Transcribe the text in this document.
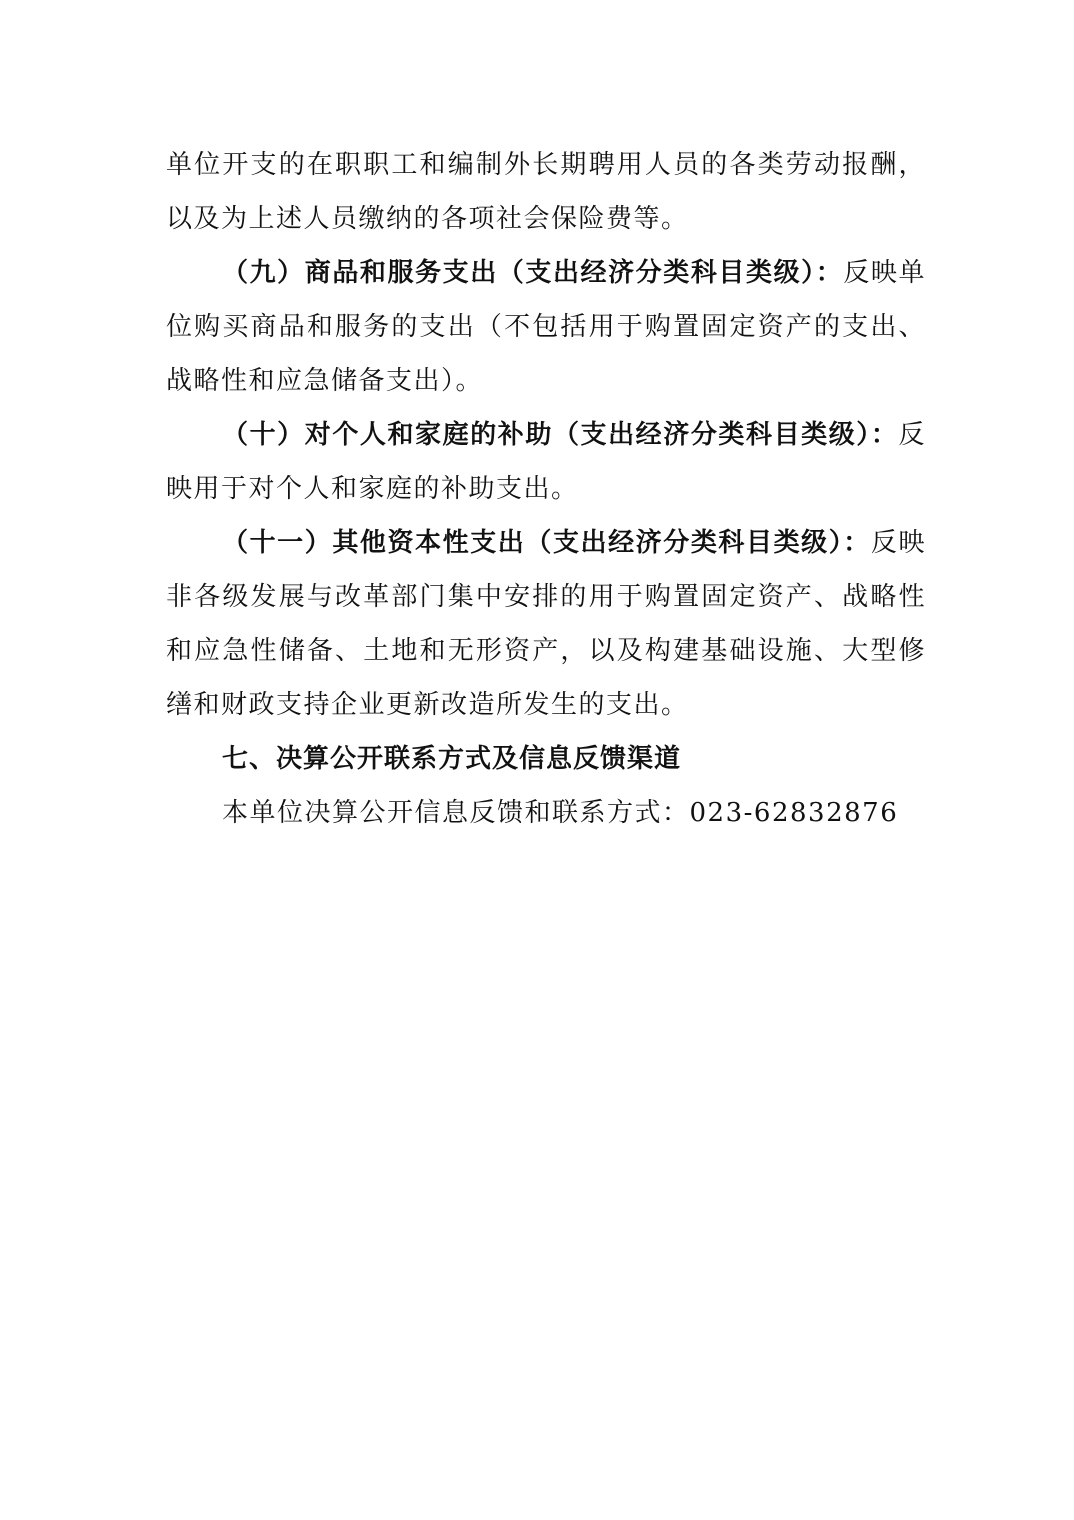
单位开支的在职职工和编制外长期聘用人员的各类劳动报酬，以及为上述人员缴纳的各项社会保险费等。

（九）商品和服务支出（支出经济分类科目类级）：反映单位购买商品和服务的支出（不包括用于购置固定资产的支出、战略性和应急储备支出）。

（十）对个人和家庭的补助（支出经济分类科目类级）：反映用于对个人和家庭的补助支出。

（十一）其他资本性支出（支出经济分类科目类级）：反映非各级发展与改革部门集中安排的用于购置固定资产、战略性和应急性储备、土地和无形资产，以及构建基础设施、大型修缮和财政支持企业更新改造所发生的支出。

七、决算公开联系方式及信息反馈渠道

本单位决算公开信息反馈和联系方式：023-62832876
